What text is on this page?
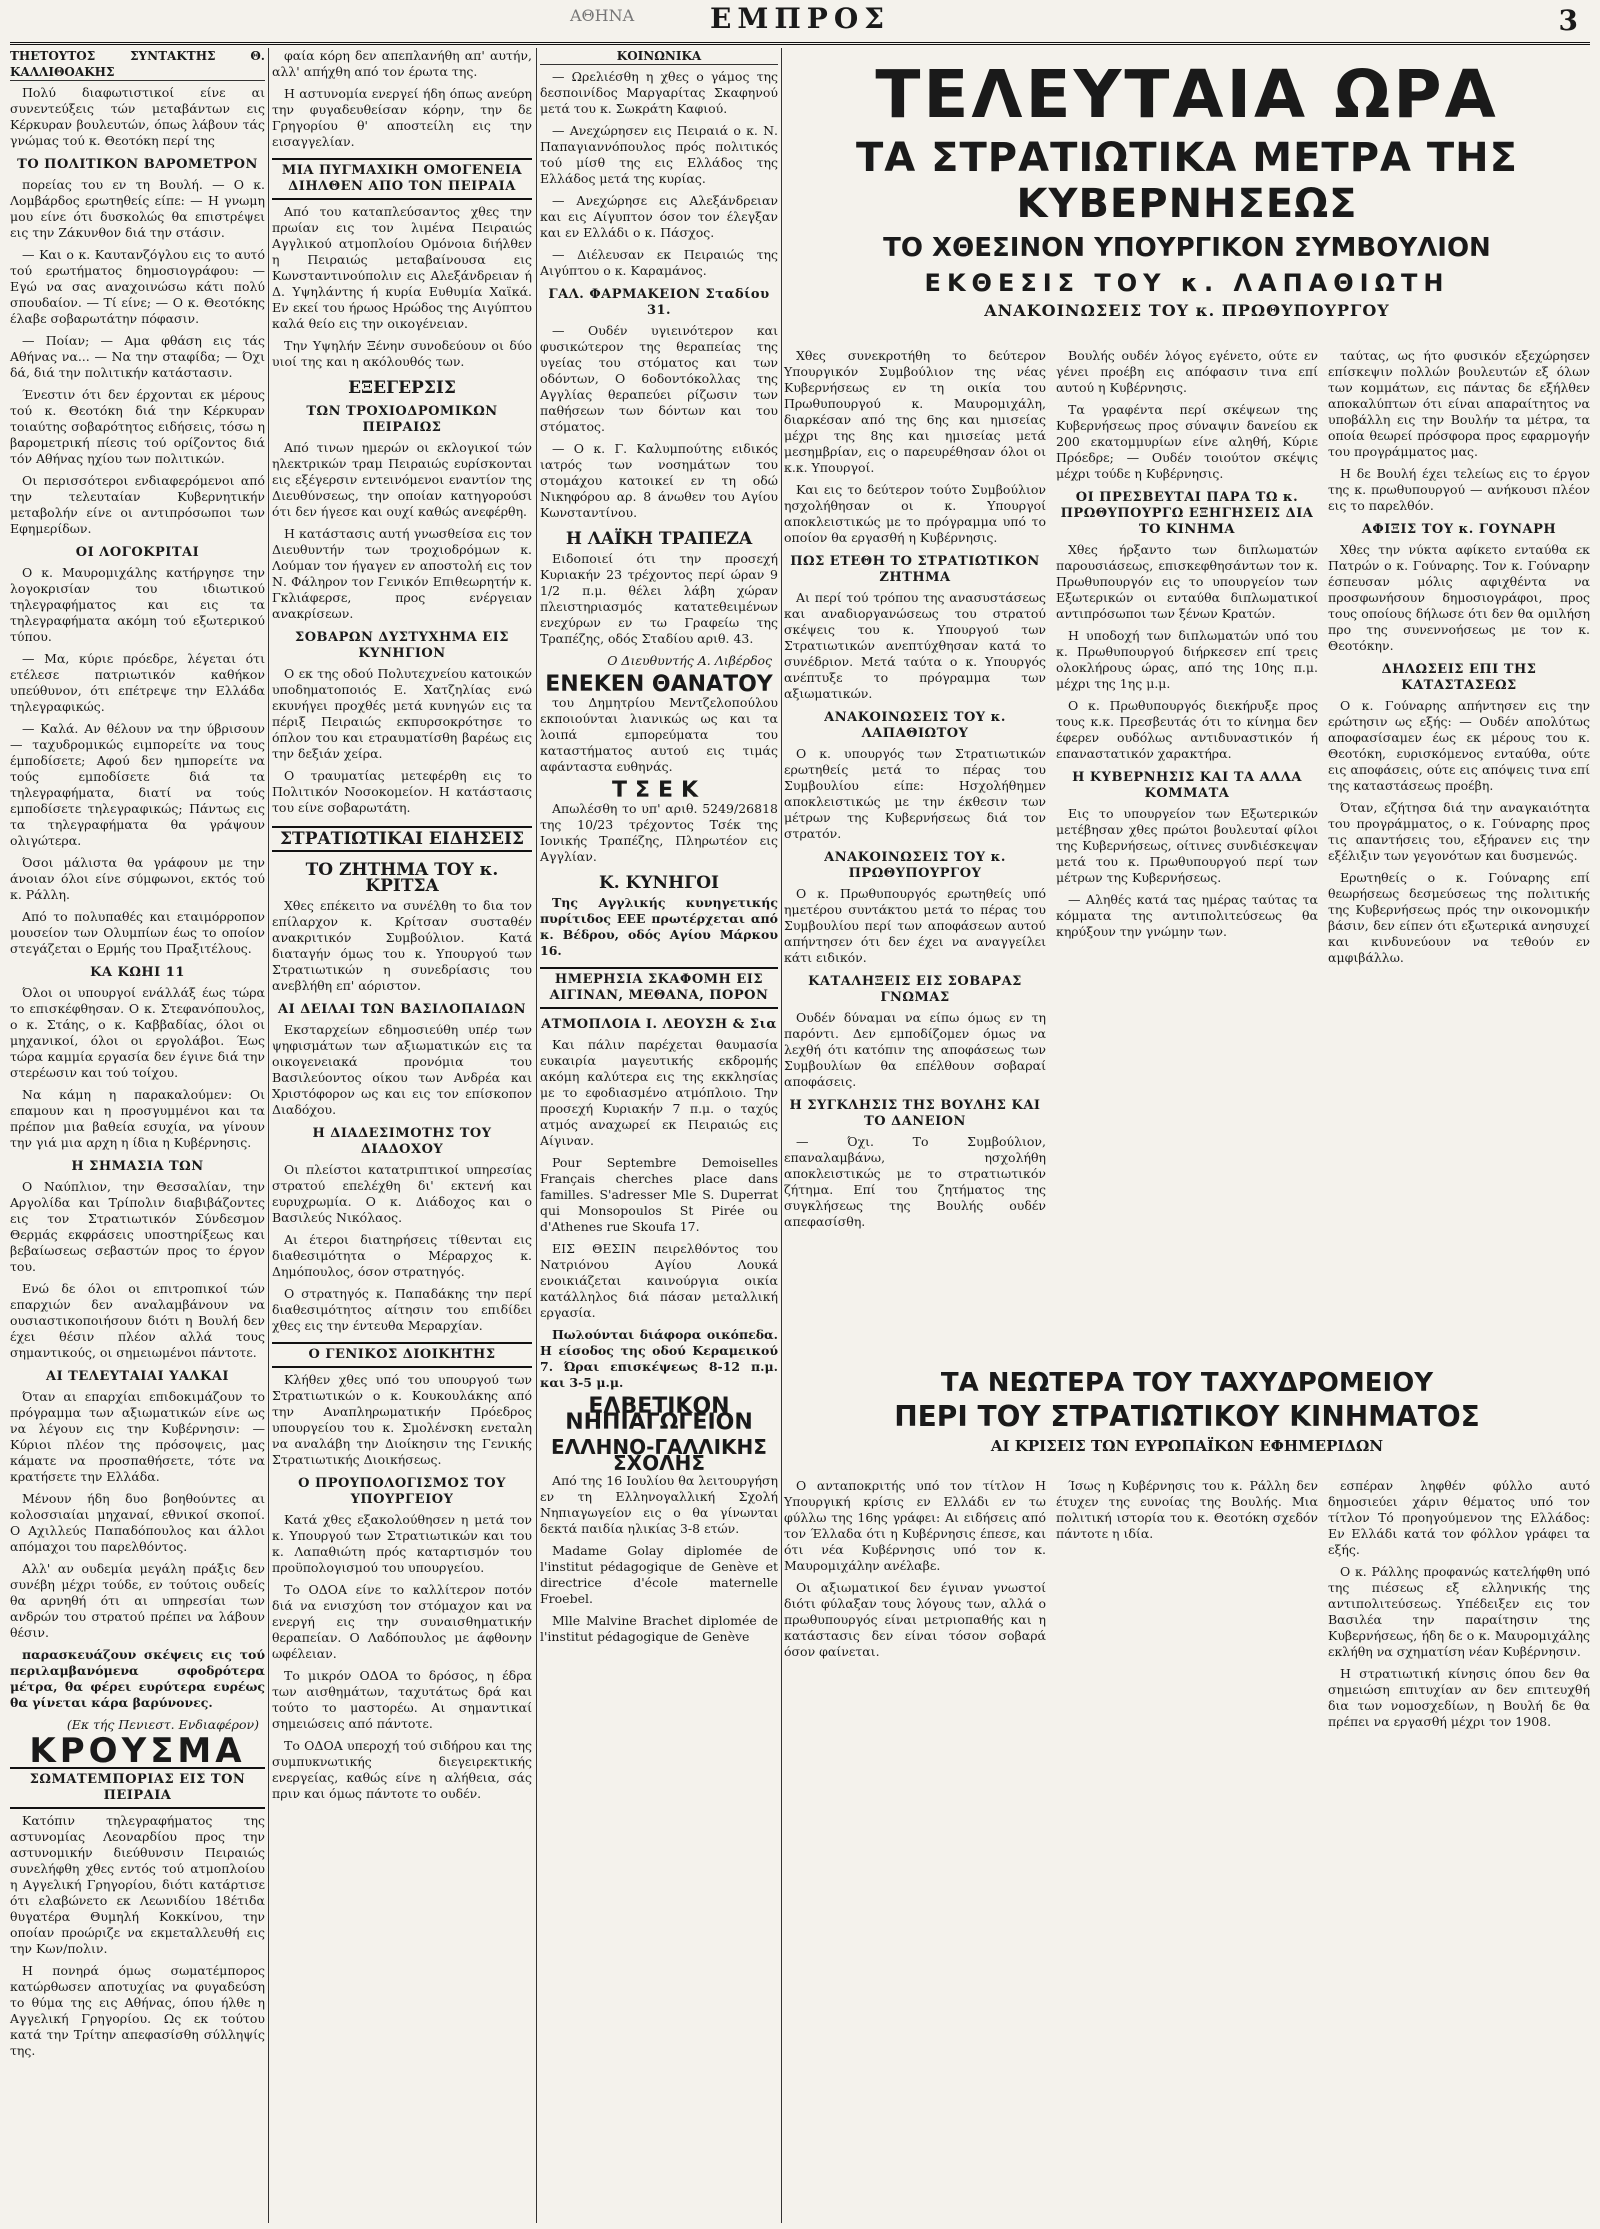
ΑΘΗΝΑ	ΕΜΠΡΟΣ	3
ΤΗΕΤΟΥΤΟΣ ΣΥΝΤΑΚΤΗΣ Θ. ΚΑΛΛΙΘΟΑΚΗΣ

Πολύ διαφωτιστικοί είνε αι συνεντεύξεις τών μεταβάντων εις Κέρκυραν βουλευτών, όπως λάβουν τάς γνώμας τού κ. Θεοτόκη περί της

ΤΟ ΠΟΛΙΤΙΚΟΝ ΒΑΡΟΜΕΤΡΟΝ

πορείας του εν τη Βουλή. — Ο κ. Λομβάρδος ερωτηθείς είπε: — Η γνωμη μου είνε ότι δυσκολώς θα επιστρέψει εις την Ζάκυνθον διά την στάσιν.

— Και ο κ. Καυτανζόγλου εις το αυτό τού ερωτήματος δημοσιογράφου: — Εγώ να σας αναχοινώσω κάτι πολύ σπουδαίον. — Τί είνε; — Ο κ. Θεοτόκης έλαβε σοβαρωτάτην πόφασιν.

— Ποίαν; — Αμα φθάση εις τάς Αθήνας να... — Να την σταφίδα; — Όχι δά, διά την πολιτικήν κατάστασιν.

Ένεστιν ότι δεν έρχονται εκ μέρους τού κ. Θεοτόκη διά την Κέρκυραν τοιαύτης σοβαρότητος ειδήσεις, τόσω η βαρομετρική πίεσις τού ορίζοντος διά τόν Αθήνας ηχίου των πολιτικών.

Οι περισσότεροι ενδιαφερόμενοι από την τελευταίαν Κυβερνητικήν μεταβολήν είνε οι αντιπρόσωποι των Εφημερίδων.

ΟΙ ΛΟΓΟΚΡΙΤΑΙ

Ο κ. Μαυρομιχάλης κατήργησε την λογοκρισίαν του ιδιωτικού τηλεγραφήματος και εις τα τηλεγραφήματα ακόμη τού εξωτερικού τύπου.

— Μα, κύριε πρόεδρε, λέγεται ότι ετέλεσε πατριωτικόν καθήκον υπεύθυνον, ότι επέτρεψε την Ελλάδα τηλεγραφικώς.

— Καλά. Αν θέλουν να την ύβρισουν — ταχυδρομικώς ειμπορείτε να τους έμποδίσετε; Αφού δεν ημπορείτε να τούς εμποδίσετε διά τα τηλεγραφήματα, διατί να τούς εμποδίσετε τηλεγραφικώς; Πάντως εις τα τηλεγραφήματα θα γράψουν ολιγώτερα.

Όσοι μάλιστα θα γράφουν με την άνοιαν όλοι είνε σύμφωνοι, εκτός τού κ. Ράλλη.

Από το πολυπαθές και εταιμόρροπον μουσείον των Ολυμπίων έως το οποίον στεγάζεται ο Ερμής του Πραξιτέλους.

ΚΑ ΚΩΗΙ 11

Όλοι οι υπουργοί ενάλλάξ έως τώρα το επισκέφθησαν. Ο κ. Στεφανόπουλος, ο κ. Στάης, ο κ. Καββαδίας, όλοι οι μηχανικοί, όλοι οι εργολάβοι. Έως τώρα καμμία εργασία δεν έγινε διά την στερέωσιν και τού τοίχου.

Να κάμη η παρακαλούμεν: Οι επαμουν και η προσγυμμένοι και τα πρέπον μια βαθεία εσυχία, να γίνουν την γιά μια αρχη η ίδια η Κυβέρνησις.

Η ΣΗΜΑΣΙΑ ΤΩΝ

Ο Ναύπλιον, την Θεσσαλίαν, την Αργολίδα και Τρίπολιν διαβιβάζοντες εις τον Στρατιωτικόν Σύνδεσμον Θερμάς εκφράσεις υποστηρίξεως και βεβαίωσεως σεβαστών προς το έργον του.

Ενώ δε όλοι οι επιτροπικοί τών επαρχιών δεν αναλαμβάνουν να ουσιαστικοποιήσουν διότι η Βουλή δεν έχει θέσιν πλέον αλλά τους σημαντικούς, οι σημειωμένοι πάντοτε.

ΑΙ ΤΕΛΕΥΤΑΙΑΙ ΥΑΛΚΑΙ

Όταν αι επαρχίαι επιδοκιμάζουν το πρόγραμμα των αξιωματικών είνε ως να λέγουν εις την Κυβέρνησιν: — Κύριοι πλέον της πρόσοψεις, μας κάματε να προσπαθήσετε, τότε να κρατήσετε την Ελλάδα.

Μένουν ήδη δυο βοηθούντες αι κολοσσιαίαι μηχαναί, εθνικοί σκοποί. Ο Αχιλλεύς Παπαδόπουλος και άλλοι απόμαχοι του παρελθόντος.

Αλλ' αν ουδεμία μεγάλη πράξις δεν συνέβη μέχρι τούδε, εν τούτοις ουδείς θα αρνηθή ότι αι υπηρεσίαι των ανδρών του στρατού πρέπει να λάβουν θέσιν.

παρασκευάζουν σκέψεις εις τού περιλαμβανόμενα σφοδρότερα μέτρα, θα φέρει ευρύτερα ευρέως θα γίνεται κάρα βαρύνονες.

(Εκ τής Πενιεστ. Ενδιαφέρον)
ΚΡΟΥΣΜΑ
ΣΩΜΑΤΕΜΠΟΡΙΑΣ ΕΙΣ ΤΟΝ ΠΕΙΡΑΙΑ

Κατόπιν τηλεγραφήματος της αστυνομίας Λεοναρδίου προς την αστυνομικήν διεύθυνσιν Πειραιώς συνελήφθη χθες εντός τού ατμοπλοίου η Αγγελική Γρηγορίου, διότι κατάρτισε ότι ελαβώνετο εκ Λεωνιδίου 18έτιδα θυγατέρα Θυμηλή Κοκκίνου, την οποίαν προώριζε να εκμεταλλευθή εις την Κων/πολιν.

Η πονηρά όμως σωματέμπορος κατώρθωσεν αποτυχίας να φυγαδεύση το θύμα της εις Αθήνας, όπου ήλθε η Αγγελική Γρηγορίου. Ως εκ τούτου κατά την Τρίτην απεφασίσθη σύλληψίς της.

φαία κόρη δεν απεπλανήθη απ' αυτήν, αλλ' απήχθη από τον έρωτα της.

Η αστυνομία ενεργεί ήδη όπως ανεύρη την φυγαδευθείσαν κόρην, την δε Γρηγορίου θ' αποστείλη εις την εισαγγελίαν.

ΜΙΑ ΠΥΓΜΑΧΙΚΗ ΟΜΟΓΕΝΕΙΑ ΔΙΗΛΘΕΝ ΑΠΟ ΤΟΝ ΠΕΙΡΑΙΑ

Από του καταπλεύσαντος χθες την πρωίαν εις τον λιμένα Πειραιώς Αγγλικού ατμοπλοίου Ομόνοια διήλθεν η Πειραιώς μεταβαίνουσα εις Κωνσταντινούπολιν εις Αλεξάνδρειαν ή Δ. Υψηλάντης ή κυρία Ευθυμία Χαϊκά. Εν εκεί του ήρωος Ηρώδος της Αιγύπτου καλά θείο εις την οικογένειαν.

Την Υψηλήν Ξένην συνοδεύουν οι δύο υιοί της και η ακόλουθός των.

ΕΞΕΓΕΡΣΙΣ
ΤΩΝ ΤΡΟΧΙΟΔΡΟΜΙΚΩΝ ΠΕΙΡΑΙΩΣ

Από τινων ημερών οι εκλογικοί τών ηλεκτρικών τραμ Πειραιώς ευρίσκονται εις εξέγερσιν εντεινόμενοι εναντίον της Διευθύνσεως, την οποίαν κατηγορούσι ότι δεν ήγεσε και ουχί καθώς ανεφέρθη.

Η κατάστασις αυτή γνωσθείσα εις τον Διευθυντήν των τροχιοδρόμων κ. Λούμαν τον ήγαγεν εν αποστολή εις τον Ν. Φάληρον τον Γενικόν Επιθεωρητήν κ. Γκλιάφερσε, προς ενέργειαν ανακρίσεων.

ΣΟΒΑΡΩΝ ΔΥΣΤΥΧΗΜΑ ΕΙΣ ΚΥΝΗΓΙΟΝ

Ο εκ της οδού Πολυτεχνείου κατοικών υποδηματοποιός Ε. Χατζηλίας ενώ εκυνήγει προχθές μετά κυνηγών εις τα πέριξ Πειραιώς εκπυρσοκρότησε το όπλον του και ετραυματίσθη βαρέως εις την δεξιάν χείρα.

Ο τραυματίας μετεφέρθη εις το Πολιτικόν Νοσοκομείον. Η κατάστασις του είνε σοβαρωτάτη.

ΣΤΡΑΤΙΩΤΙΚΑΙ ΕΙΔΗΣΕΙΣ
ΤΟ ΖΗΤΗΜΑ ΤΟΥ κ. ΚΡΙΤΣΑ

Χθες επέκειτο να συνέλθη το δια τον επίλαρχον κ. Κρίτσαν συσταθέν ανακριτικόν Συμβούλιον. Κατά διαταγήν όμως του κ. Υπουργού των Στρατιωτικών η συνεδρίασις του ανεβλήθη επ' αόριστον.

ΑΙ ΔΕΙΛΑΙ ΤΩΝ ΒΑΣΙΛΟΠΑΙΔΩΝ

Εκσταρχείων εδημοσιεύθη υπέρ των ψηφισμάτων των αξιωματικών εις τα οικογενειακά προνόμια του Βασιλεύοντος οίκου των Ανδρέα και Χριστόφορον ως και εις τον επίσκοπον Διαδόχου.

Η ΔΙΑΔΕΣΙΜΟΤΗΣ ΤΟΥ ΔΙΑΔΟΧΟΥ

Οι πλείστοι κατατριπτικοί υπηρεσίας στρατού επελέχθη δι' εκτενή και ευρυχρωμία. Ο κ. Διάδοχος και ο Βασιλεύς Νικόλαος.

Αι έτεροι διατηρήσεις τίθενται εις διαθεσιμότητα ο Μέραρχος κ. Δημόπουλος, όσον στρατηγός.

Ο στρατηγός κ. Παπαδάκης την περί διαθεσιμότητος αίτησιν του επιδίδει χθες εις την έντευθα Μεραρχίαν.

Ο ΓΕΝΙΚΟΣ ΔΙΟΙΚΗΤΗΣ

Κλήθεν χθες υπό του υπουργού των Στρατιωτικών ο κ. Κουκουλάκης από την Αναπληρωματικήν Πρόεδρος υπουργείου του κ. Σμολένσκη ενεταλη να αναλάβη την Διοίκησιν της Γενικής Στρατιωτικής Διοικήσεως.

Ο ΠΡΟΥΠΟΛΟΓΙΣΜΟΣ ΤΟΥ ΥΠΟΥΡΓΕΙΟΥ

Κατά χθες εξακολούθησεν η μετά τον κ. Υπουργού των Στρατιωτικών και του κ. Λαπαθιώτη πρός καταρτισμόν του προϋπολογισμού του υπουργείου.

Το ΟΔΟΑ είνε το καλλίτερον ποτόν διά να ενισχύση τον στόμαχον και να ενεργή εις την συναισθηματικήν θεραπείαν. Ο Λαδόπουλος με άφθονην ωφέλειαν.

Το μικρόν ΟΔΟΑ το δρόσος, η έδρα των αισθημάτων, ταχυτάτως δρά και τούτο το μαστορέω. Αι σημαντικαί σημειώσεις από πάντοτε.

Το ΟΔΟΑ υπεροχή τού σιδήρου και της συμπυκνωτικής διεγειρεκτικής ενεργείας, καθώς είνε η αλήθεια, σάς πριν και όμως πάντοτε το ουδέν.

ΚΟΙΝΩΝΙΚΑ

— Ωρελιέσθη η χθες ο γάμος της δεσποινίδος Μαργαρίτας Σκαφηνού μετά του κ. Σωκράτη Καφιού.

— Ανεχώρησεν εις Πειραιά ο κ. Ν. Παπαγιαννόπουλος πρός πολιτικός τού μίσθ της εις Ελλάδος της Ελλάδος μετά της κυρίας.

— Ανεχώρησε εις Αλεξάνδρειαν και εις Αίγυπτον όσον τον έλεγξαν και εν Ελλάδι ο κ. Πάσχος.

— Διέλευσαν εκ Πειραιώς της Αιγύπτου ο κ. Καραμάνος.

ΓΑΛ. ΦΑΡΜΑΚΕΙΟΝ Σταδίου 31.

— Ουδέν υγιεινότερον και φυσικώτερον της θεραπείας της υγείας του στόματος και των οδόντων, Ο 6οδοντόκολλας της Αγγλίας θεραπεύει ρίζωσιν των παθήσεων των δόντων και του στόματος.

— Ο κ. Γ. Καλυμπούτης ειδικός ιατρός των νοσημάτων του στομάχου κατοικεί εν τη οδώ Νικηφόρου αρ. 8 άνωθεν του Αγίου Κωνσταντίνου.

Η ΛΑΪΚΗ ΤΡΑΠΕΖΑ

Ειδοποιεί ότι την προσεχή Κυριακήν 23 τρέχοντος περί ώραν 9 1/2 π.μ. θέλει λάβη χώραν πλειστηριασμός κατατεθειμένων ενεχύρων εν τω Γραφείω της Τραπέζης, οδός Σταδίου αριθ. 43.

Ο Διευθυντής Α. Λιβέρδος
ΕΝΕΚΕΝ ΘΑΝΑΤΟΥ

του Δημητρίου Μεντζελοπούλου εκποιούνται λιανικώς ως και τα λοιπά εμπορεύματα του καταστήματος αυτού εις τιμάς αφάνταστα ευθηνάς.

ΤΣΕΚ

Απωλέσθη το υπ' αριθ. 5249/26818 της 10/23 τρέχοντος Τσέκ της Ιονικής Τραπέζης, Πληρωτέον εις Αγγλίαν.

Κ. ΚΥΝΗΓΟΙ

Της Αγγλικής κυνηγετικής πυρίτιδος ΕΕΕ πρωτέρχεται από κ. Βέδρου, οδός Αγίου Μάρκου 16.

ΗΜΕΡΗΣΙΑ ΣΚΑΦΟΜΗ ΕΙΣ ΑΙΓΙΝΑΝ, ΜΕΘΑΝΑ, ΠΟΡΟΝ
ΑΤΜΟΠΛΟΙΑ Ι. ΛΕΟΥΣΗ & Σια

Και πάλιν παρέχεται θαυμασία ευκαιρία μαγευτικής εκδρομής ακόμη καλύτερα εις της εκκλησίας με το εφοδιασμένο ατμόπλοιο. Την προσεχή Κυριακήν 7 π.μ. ο ταχύς ατμός αναχωρεί εκ Πειραιώς εις Αίγιναν.

Pour Septembre Demoiselles Français cherches place dans familles. S'adresser Mle S. Duperrat qui Monsopoulos St Pirée ou d'Athenes rue Skoufa 17.

ΕΙΣ ΘΕΣΙΝ πειρελθόντος του Νατριόνου Αγίου Λουκά ενοικιάζεται καινούργια οικία κατάλληλος διά πάσαν μεταλλική εργασία.

Πωλούνται διάφορα οικόπεδα. Η είσοδος της οδού Κεραμεικού 7. Ώραι επισκέψεως 8-12 π.μ. και 3-5 μ.μ.

ΕΛΒΕΤΙΚΟΝ ΝΗΠΙΑΓΩΓΕΙΟΝ
ΕΛΛΗΝΟ-ΓΑΛΛΙΚΗΣ ΣΧΟΛΗΣ

Από της 16 Ιουλίου θα λειτουργήση εν τη Ελληνογαλλική Σχολή Νηπιαγωγείον εις ο θα γίνωνται δεκτά παιδία ηλικίας 3-8 ετών.

Madame Golay diplomée de l'institut pédagogique de Genève et directrice d'école maternelle Froebel.

Mlle Malvine Brachet diplomée de l'institut pédagogique de Genève

ΤΕΛΕΥΤΑΙΑ ΩΡΑ
ΤΑ ΣΤΡΑΤΙΩΤΙΚΑ ΜΕΤΡΑ ΤΗΣ ΚΥΒΕΡΝΗΣΕΩΣ
ΤΟ ΧΘΕΣΙΝΟΝ ΥΠΟΥΡΓΙΚΟΝ ΣΥΜΒΟΥΛΙΟΝ
ΕΚΘΕΣΙΣ ΤΟΥ κ. ΛΑΠΑΘΙΩΤΗ
ΑΝΑΚΟΙΝΩΣΕΙΣ ΤΟΥ κ. ΠΡΩΘΥΠΟΥΡΓΟΥ

Χθες συνεκροτήθη το δεύτερον Υπουργικόν Συμβούλιον της νέας Κυβερνήσεως εν τη οικία του Πρωθυπουργού κ. Μαυρομιχάλη, διαρκέσαν από της 6ης και ημισείας μέχρι της 8ης και ημισείας μετά μεσημβρίαν, εις ο παρευρέθησαν όλοι οι κ.κ. Υπουργοί.

Και εις το δεύτερον τούτο Συμβούλιον ησχολήθησαν οι κ. Υπουργοί αποκλειστικώς με το πρόγραμμα υπό το οποίον θα εργασθή η Κυβέρνησις.

ΠΩΣ ΕΤΕΘΗ ΤΟ ΣΤΡΑΤΙΩΤΙΚΟΝ ΖΗΤΗΜΑ

Αι περί τού τρόπου της ανασυστάσεως και αναδιοργανώσεως του στρατού σκέψεις του κ. Υπουργού των Στρατιωτικών ανεπτύχθησαν κατά το συνέδριον. Μετά ταύτα ο κ. Υπουργός ανέπτυξε το πρόγραμμα των αξιωματικών.

ΑΝΑΚΟΙΝΩΣΕΙΣ ΤΟΥ κ. ΛΑΠΑΘΙΩΤΟΥ

Ο κ. υπουργός των Στρατιωτικών ερωτηθείς μετά το πέρας του Συμβουλίου είπε: Ησχολήθημεν αποκλειστικώς με την έκθεσιν των μέτρων της Κυβερνήσεως διά τον στρατόν.

ΑΝΑΚΟΙΝΩΣΕΙΣ ΤΟΥ κ. ΠΡΩΘΥΠΟΥΡΓΟΥ

Ο κ. Πρωθυπουργός ερωτηθείς υπό ημετέρου συντάκτου μετά το πέρας του Συμβουλίου περί των αποφάσεων αυτού απήντησεν ότι δεν έχει να αναγγείλει κάτι ειδικόν.

ΚΑΤΑΛΗΞΕΙΣ ΕΙΣ ΣΟΒΑΡΑΣ ΓΝΩΜΑΣ

Ουδέν δύναμαι να είπω όμως εν τη παρόντι. Δεν εμποδίζομεν όμως να λεχθή ότι κατόπιν της αποφάσεως των Συμβουλίων θα επέλθουν σοβαραί αποφάσεις.

Η ΣΥΓΚΛΗΣΙΣ ΤΗΣ ΒΟΥΛΗΣ ΚΑΙ ΤΟ ΔΑΝΕΙΟΝ

— Όχι. Το Συμβούλιον, επαναλαμβάνω, ησχολήθη αποκλειστικώς με το στρατιωτικόν ζήτημα. Επί του ζητήματος της συγκλήσεως της Βουλής ουδέν απεφασίσθη.

Βουλής ουδέν λόγος εγένετο, ούτε εν γένει προέβη εις απόφασιν τινα επί αυτού η Κυβέρνησις.

Τα γραφέντα περί σκέψεων της Κυβερνήσεως προς σύναψιν δανείου εκ 200 εκατομμυρίων είνε αληθή, Κύριε Πρόεδρε; — Ουδέν τοιούτον σκέψις μέχρι τούδε η Κυβέρνησις.

ΟΙ ΠΡΕΣΒΕΥΤΑΙ ΠΑΡΑ ΤΩ κ. ΠΡΩΘΥΠΟΥΡΓΩ ΕΞΗΓΗΣΕΙΣ ΔΙΑ ΤΟ ΚΙΝΗΜΑ

Χθες ήρξαντο των διπλωματών παρουσιάσεως, επισκεφθησάντων τον κ. Πρωθυπουργόν εις το υπουργείον των Εξωτερικών οι ενταύθα διπλωματικοί αντιπρόσωποι των ξένων Κρατών.

Η υποδοχή των διπλωματών υπό του κ. Πρωθυπουργού διήρκεσεν επί τρεις ολοκλήρους ώρας, από της 10ης π.μ. μέχρι της 1ης μ.μ.

Ο κ. Πρωθυπουργός διεκήρυξε προς τους κ.κ. Πρεσβευτάς ότι το κίνημα δεν έφερεν ουδόλως αντιδυναστικόν ή επαναστατικόν χαρακτήρα.

Η ΚΥΒΕΡΝΗΣΙΣ ΚΑΙ ΤΑ ΑΛΛΑ ΚΟΜΜΑΤΑ

Εις το υπουργείον των Εξωτερικών μετέβησαν χθες πρώτοι βουλευταί φίλοι της Κυβερνήσεως, οίτινες συνδιέσκεψαν μετά του κ. Πρωθυπουργού περί των μέτρων της Κυβερνήσεως.

— Αληθές κατά τας ημέρας ταύτας τα κόμματα της αντιπολιτεύσεως θα κηρύξουν την γνώμην των.

ταύτας, ως ήτο φυσικόν εξεχώρησεν επίσκεψιν πολλών βουλευτών εξ όλων των κομμάτων, εις πάντας δε εξήλθεν αποκαλύπτων ότι είναι απαραίτητος να υποβάλλη εις την Βουλήν τα μέτρα, τα οποία θεωρεί πρόσφορα προς εφαρμογήν του προγράμματος μας.

Η δε Βουλή έχει τελείως εις το έργον της κ. πρωθυπουργού — ανήκουσι πλέον εις το παρελθόν.

ΑΦΙΞΙΣ ΤΟΥ κ. ΓΟΥΝΑΡΗ

Χθες την νύκτα αφίκετο ενταύθα εκ Πατρών ο κ. Γούναρης. Τον κ. Γούναρην έσπευσαν μόλις αφιχθέντα να προσφωνήσουν δημοσιογράφοι, προς τους οποίους δήλωσε ότι δεν θα ομιλήση προ της συνεννοήσεως με τον κ. Θεοτόκην.

ΔΗΛΩΣΕΙΣ ΕΠΙ ΤΗΣ ΚΑΤΑΣΤΑΣΕΩΣ

Ο κ. Γούναρης απήντησεν εις την ερώτησιν ως εξής: — Ουδέν απολύτως αποφασίσαμεν έως εκ μέρους του κ. Θεοτόκη, ευρισκόμενος ενταύθα, ούτε εις αποφάσεις, ούτε εις απόψεις τινα επί της καταστάσεως προέβη.

Όταν, εζήτησα διά την αναγκαιότητα του προγράμματος, ο κ. Γούναρης προς τις απαντήσεις του, εξήρανεν εις την εξέλιξιν των γεγονότων και δυσμενώς.

Ερωτηθείς ο κ. Γούναρης επί θεωρήσεως δεσμεύσεως της πολιτικής της Κυβερνήσεως πρός την οικονομικήν βάσιν, δεν είπεν ότι εξωτερικά ανησυχεί και κινδυνεύουν να τεθούν εν αμφιβάλλω.

ΤΑ ΝΕΩΤΕΡΑ ΤΟΥ ΤΑΧΥΔΡΟΜΕΙΟΥ
ΠΕΡΙ ΤΟΥ ΣΤΡΑΤΙΩΤΙΚΟΥ ΚΙΝΗΜΑΤΟΣ
ΑΙ ΚΡΙΣΕΙΣ ΤΩΝ ΕΥΡΩΠΑΪΚΩΝ ΕΦΗΜΕΡΙΔΩΝ

Ο ανταποκριτής υπό τον τίτλον Η Υπουργική κρίσις εν Ελλάδι εν τω φύλλω της 16ης γράφει: Αι ειδήσεις από τον Έλλαδα ότι η Κυβέρνησις έπεσε, και ότι νέα Κυβέρνησις υπό τον κ. Μαυρομιχάλην ανέλαβε.

Οι αξιωματικοί δεν έγιναν γνωστοί διότι φύλαξαν τους λόγους των, αλλά ο πρωθυπουργός είναι μετριοπαθής και η κατάστασις δεν είναι τόσον σοβαρά όσον φαίνεται.

Ίσως η Κυβέρνησις του κ. Ράλλη δεν έτυχεν της ευνοίας της Βουλής. Μια πολιτική ιστορία του κ. Θεοτόκη σχεδόν πάντοτε η ιδία.

εσπέραν ληφθέν φύλλο αυτό δημοσιεύει χάριν θέματος υπό τον τίτλον Τό προηγούμενον της Ελλάδος: Εν Ελλάδι κατά τον φόλλον γράφει τα εξής.

Ο κ. Ράλλης προφανώς κατελήφθη υπό της πιέσεως εξ ελληνικής της αντιπολιτεύσεως. Υπέδειξεν εις τον Βασιλέα την παραίτησιν της Κυβερνήσεως, ήδη δε ο κ. Μαυρομιχάλης εκλήθη να σχηματίση νέαν Κυβέρνησιν.

Η στρατιωτική κίνησις όπου δεν θα σημειώση επιτυχίαν αν δεν επιτευχθή δια των νομοσχεδίων, η Βουλή δε θα πρέπει να εργασθή μέχρι τον 1908.
